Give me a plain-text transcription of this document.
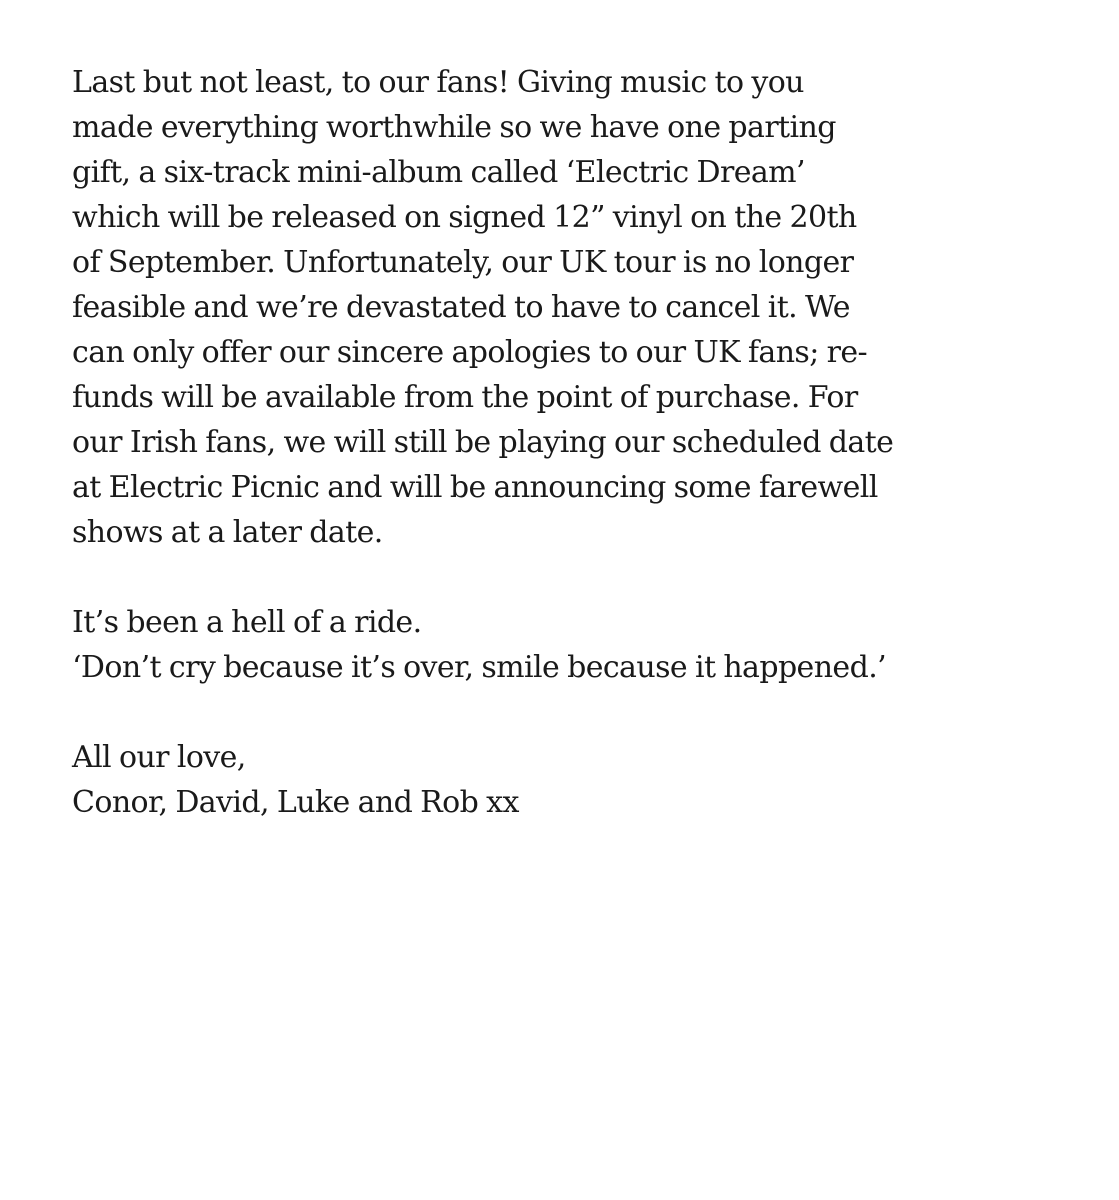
Last but not least, to our fans! Giving music to you
made everything worthwhile so we have one parting
gift, a six-track mini-album called ‘Electric Dream’
which will be released on signed 12” vinyl on the 20th
of September. Unfortunately, our UK tour is no longer
feasible and we’re devastated to have to cancel it. We
can only offer our sincere apologies to our UK fans; re-
funds will be available from the point of purchase. For
our Irish fans, we will still be playing our scheduled date
at Electric Picnic and will be announcing some farewell
shows at a later date.
It’s been a hell of a ride.
‘Don’t cry because it’s over, smile because it happened.’
All our love,
Conor, David, Luke and Rob xx
